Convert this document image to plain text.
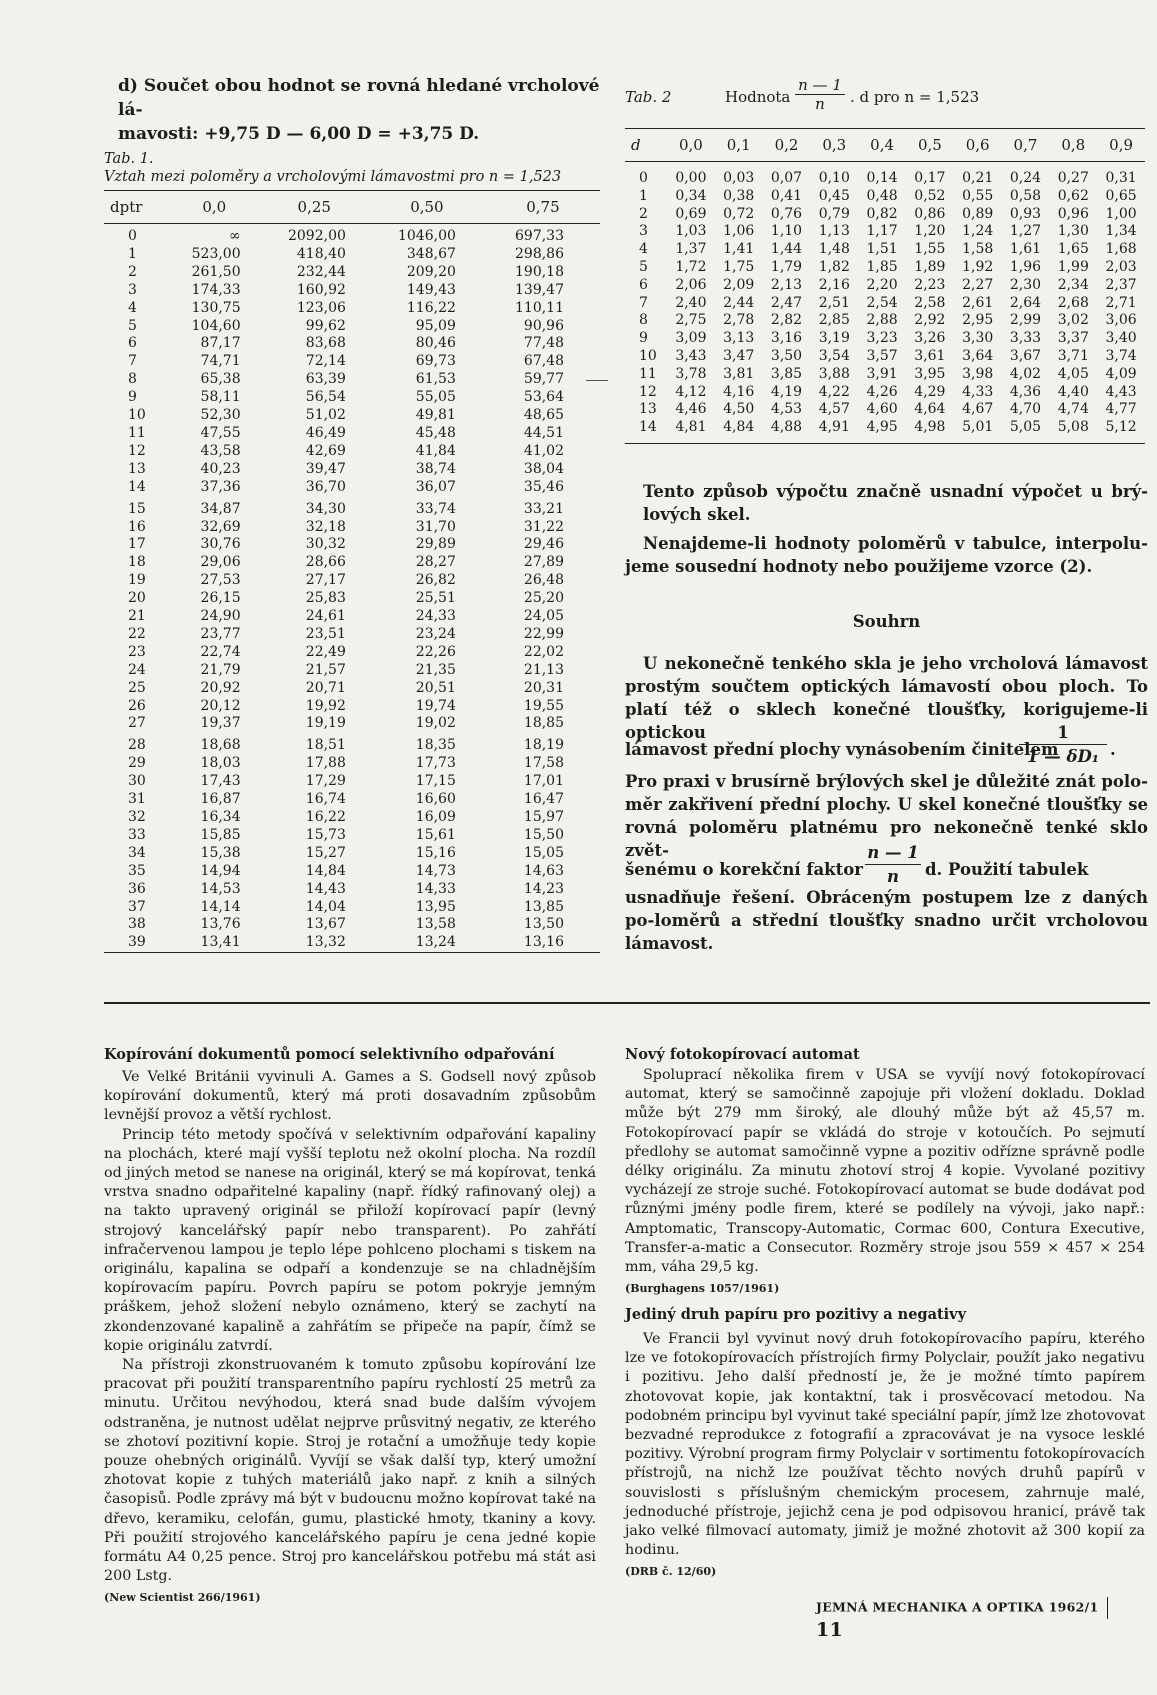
d) Součet obou hodnot se rovná hledané vrcholové lá-
mavosti: +9,75 D — 6,00 D = +3,75 D.
Tab. 1.
Vztah mezi poloměry a vrcholovými lámavostmi pro n = 1,523
dptr	0,0	0,25	0,50	0,75
0	∞	2092,00	1046,00	697,33
1	523,00	418,40	348,67	298,86
2	261,50	232,44	209,20	190,18
3	174,33	160,92	149,43	139,47
4	130,75	123,06	116,22	110,11
5	104,60	99,62	95,09	90,96
6	87,17	83,68	80,46	77,48
7	74,71	72,14	69,73	67,48
8	65,38	63,39	61,53	59,77
9	58,11	56,54	55,05	53,64
10	52,30	51,02	49,81	48,65
11	47,55	46,49	45,48	44,51
12	43,58	42,69	41,84	41,02
13	40,23	39,47	38,74	38,04
14	37,36	36,70	36,07	35,46
15	34,87	34,30	33,74	33,21
16	32,69	32,18	31,70	31,22
17	30,76	30,32	29,89	29,46
18	29,06	28,66	28,27	27,89
19	27,53	27,17	26,82	26,48
20	26,15	25,83	25,51	25,20
21	24,90	24,61	24,33	24,05
22	23,77	23,51	23,24	22,99
23	22,74	22,49	22,26	22,02
24	21,79	21,57	21,35	21,13
25	20,92	20,71	20,51	20,31
26	20,12	19,92	19,74	19,55
27	19,37	19,19	19,02	18,85
28	18,68	18,51	18,35	18,19
29	18,03	17,88	17,73	17,58
30	17,43	17,29	17,15	17,01
31	16,87	16,74	16,60	16,47
32	16,34	16,22	16,09	15,97
33	15,85	15,73	15,61	15,50
34	15,38	15,27	15,16	15,05
35	14,94	14,84	14,73	14,63
36	14,53	14,43	14,33	14,23
37	14,14	14,04	13,95	13,85
38	13,76	13,67	13,58	13,50
39	13,41	13,32	13,24	13,16
Tab. 2	Hodnota $\frac{n — 1}{n}$ . d pro n = 1,523
d	0,0	0,1	0,2	0,3	0,4	0,5	0,6	0,7	0,8	0,9
0	0,00	0,03	0,07	0,10	0,14	0,17	0,21	0,24	0,27	0,31
1	0,34	0,38	0,41	0,45	0,48	0,52	0,55	0,58	0,62	0,65
2	0,69	0,72	0,76	0,79	0,82	0,86	0,89	0,93	0,96	1,00
3	1,03	1,06	1,10	1,13	1,17	1,20	1,24	1,27	1,30	1,34
4	1,37	1,41	1,44	1,48	1,51	1,55	1,58	1,61	1,65	1,68
5	1,72	1,75	1,79	1,82	1,85	1,89	1,92	1,96	1,99	2,03
6	2,06	2,09	2,13	2,16	2,20	2,23	2,27	2,30	2,34	2,37
7	2,40	2,44	2,47	2,51	2,54	2,58	2,61	2,64	2,68	2,71
8	2,75	2,78	2,82	2,85	2,88	2,92	2,95	2,99	3,02	3,06
9	3,09	3,13	3,16	3,19	3,23	3,26	3,30	3,33	3,37	3,40
10	3,43	3,47	3,50	3,54	3,57	3,61	3,64	3,67	3,71	3,74
11	3,78	3,81	3,85	3,88	3,91	3,95	3,98	4,02	4,05	4,09
12	4,12	4,16	4,19	4,22	4,26	4,29	4,33	4,36	4,40	4,43
13	4,46	4,50	4,53	4,57	4,60	4,64	4,67	4,70	4,74	4,77
14	4,81	4,84	4,88	4,91	4,95	4,98	5,01	5,05	5,08	5,12
Tento způsob výpočtu značně usnadní výpočet u brý-lových skel.
Nenajdeme-li hodnoty poloměrů v tabulce, interpolu-jeme sousední hodnoty nebo použijeme vzorce (2).
Souhrn
U nekonečně tenkého skla je jeho vrcholová lámavost prostým součtem optických lámavostí obou ploch. To platí též o sklech konečné tloušťky, korigujeme-li optickou
lámavost přední plochy vynásobením činitelem
$\frac{1}{\text{1 — δD₁}}$ .
Pro praxi v brusírně brýlových skel je důležité znát polo-měr zakřivení přední plochy. U skel konečné tloušťky se rovná poloměru platnému pro nekonečně tenké sklo zvět-
šenému o korekční faktor $\frac{n — 1}{n} d$. Použití tabulek
usnadňuje řešení. Obráceným postupem lze z daných po-loměrů a střední tloušťky snadno určit vrcholovou lámavost.
Kopírování dokumentů pomocí selektivního odpařování

Ve Velké Británii vyvinuli A. Games a S. Godsell nový způsob kopírování dokumentů, který má proti dosavadním způsobům levnější provoz a větší rychlost.

Princip této metody spočívá v selektivním odpařování kapaliny na plochách, které mají vyšší teplotu než okolní plocha. Na rozdíl od jiných metod se nanese na originál, který se má kopírovat, tenká vrstva snadno odpařitelné kapaliny (např. řídký rafinovaný olej) a na takto upravený originál se přiloží kopírovací papír (levný strojový kancelářský papír nebo transparent). Po zahřátí infračervenou lampou je teplo lépe pohlceno plochami s tiskem na originálu, kapalina se odpaří a kondenzuje se na chladnějším kopírovacím papíru. Povrch papíru se potom pokryje jemným práškem, jehož složení nebylo oznámeno, který se zachytí na zkondenzované kapalině a zahřátím se připeče na papír, čímž se kopie originálu zatvrdí.

Na přístroji zkonstruovaném k tomuto způsobu kopírování lze pracovat při použití transparentního papíru rychlostí 25 metrů za minutu. Určitou nevýhodou, která snad bude dalším vývojem odstraněna, je nutnost udělat nejprve průsvitný negativ, ze kterého se zhotoví pozitivní kopie. Stroj je rotační a umožňuje tedy kopie pouze ohebných originálů. Vyvíjí se však další typ, který umožní zhotovat kopie z tuhých materiálů jako např. z knih a silných časopisů. Podle zprávy má být v budoucnu možno kopírovat také na dřevo, keramiku, celofán, gumu, plastické hmoty, tkaniny a kovy. Při použití strojového kancelářského papíru je cena jedné kopie formátu A4 0,25 pence. Stroj pro kancelářskou potřebu má stát asi 200 Lstg.

(New Scientist 266/1961)
Nový fotokopírovací automat

Spoluprací několika firem v USA se vyvíjí nový fotokopírovací automat, který se samočinně zapojuje při vložení dokladu. Doklad může být 279 mm široký, ale dlouhý může být až 45,57 m. Fotokopírovací papír se vkládá do stroje v kotoučích. Po sejmutí předlohy se automat samočinně vypne a pozitiv odřízne správně podle délky originálu. Za minutu zhotoví stroj 4 kopie. Vyvolané pozitivy vycházejí ze stroje suché. Fotokopírovací automat se bude dodávat pod různými jmény podle firem, které se podílely na vývoji, jako např.: Amptomatic, Transcopy-Automatic, Cormac 600, Contura Executive, Transfer-a-matic a Consecutor. Rozměry stroje jsou 559 × 457 × 254 mm, váha 29,5 kg.

(Burghagens 1057/1961)
Jediný druh papíru pro pozitivy a negativy

Ve Francii byl vyvinut nový druh fotokopírovacího papíru, kterého lze ve fotokopírovacích přístrojích firmy Polyclair, použít jako negativu i pozitivu. Jeho další předností je, že je možné tímto papírem zhotovovat kopie, jak kontaktní, tak i prosvěcovací metodou. Na podobném principu byl vyvinut také speciální papír, jímž lze zhotovovat bezvadné reprodukce z fotografií a zpracovávat je na vysoce lesklé pozitivy. Výrobní program firmy Polyclair v sortimentu fotokopírovacích přístrojů, na nichž lze používat těchto nových druhů papírů v souvislosti s příslušným chemickým procesem, zahrnuje malé, jednoduché přístroje, jejichž cena je pod odpisovou hranicí, právě tak jako velké filmovací automaty, jimiž je možné zhotovit až 300 kopií za hodinu.

(DRB č. 12/60)
JEMNÁ MECHANIKA A OPTIKA 1962/111
